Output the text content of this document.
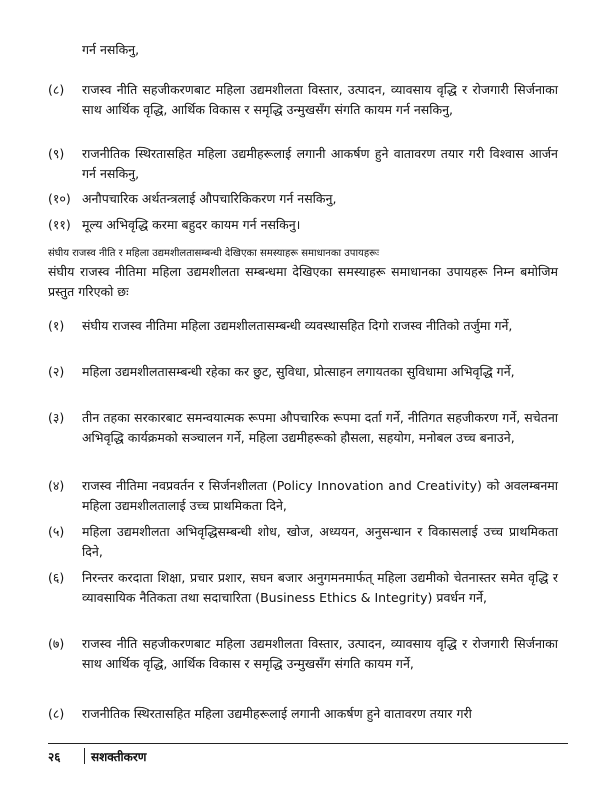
गर्न नसकिनु,
(८)	राजस्व नीति सहजीकरणबाट महिला उद्यमशीलता विस्तार, उत्पादन, व्यावसाय वृद्धि र रोजगारी सिर्जनाका साथ आर्थिक वृद्धि, आर्थिक विकास र समृद्धि उन्मुखसँग संगति कायम गर्न नसकिनु,
(९)	राजनीतिक स्थिरतासहित महिला उद्यमीहरूलाई लगानी आकर्षण हुने वातावरण तयार गरी विश्वास आर्जन गर्न नसकिनु,
(१०) अनौपचारिक अर्थतन्त्रलाई औपचारिकिकरण गर्न नसकिनु,
(११) मूल्य अभिवृद्धि करमा बहुदर कायम गर्न नसकिनु।
संघीय राजस्व नीति र महिला उद्यमशीलतासम्बन्धी देखिएका समस्याहरू समाधानका उपायहरूः
संघीय राजस्व नीतिमा महिला उद्यमशीलता सम्बन्धमा देखिएका समस्याहरू समाधानका उपायहरू निम्न बमोजिम प्रस्तुत गरिएको छः
(१)	संघीय राजस्व नीतिमा महिला उद्यमशीलतासम्बन्धी व्यवस्थासहित दिगो राजस्व नीतिको तर्जुमा गर्ने,
(२)	महिला उद्यमशीलतासम्बन्धी रहेका कर छुट, सुविधा, प्रोत्साहन लगायतका सुविधामा अभिवृद्धि गर्ने,
(३)	तीन तहका सरकारबाट समन्वयात्मक रूपमा औपचारिक रूपमा दर्ता गर्ने, नीतिगत सहजीकरण गर्ने, सचेतना अभिवृद्धि कार्यक्रमको सञ्चालन गर्ने, महिला उद्यमीहरूको हौसला, सहयोग, मनोबल उच्च बनाउने,
(४)	राजस्व नीतिमा नवप्रवर्तन र सिर्जनशीलता (Policy Innovation and Creativity) को अवलम्बनमा महिला उद्यमशीलतालाई उच्च प्राथमिकता दिने,
(५)	महिला उद्यमशीलता अभिवृद्धिसम्बन्धी शोध, खोज, अध्ययन, अनुसन्धान र विकासलाई उच्च प्राथमिकता दिने,
(६)	निरन्तर करदाता शिक्षा, प्रचार प्रशार, सघन बजार अनुगमनमार्फत् महिला उद्यमीको चेतनास्तर समेत वृद्धि र व्यावसायिक नैतिकता तथा सदाचारिता (Business Ethics & Integrity) प्रवर्धन गर्ने,
(७)	राजस्व नीति सहजीकरणबाट महिला उद्यमशीलता विस्तार, उत्पादन, व्यावसाय वृद्धि र रोजगारी सिर्जनाका साथ आर्थिक वृद्धि, आर्थिक विकास र समृद्धि उन्मुखसँग संगति कायम गर्ने,
(८)	राजनीतिक स्थिरतासहित महिला उद्यमीहरूलाई लगानी आकर्षण हुने वातावरण तयार गरी
२६	सशक्तीकरण
